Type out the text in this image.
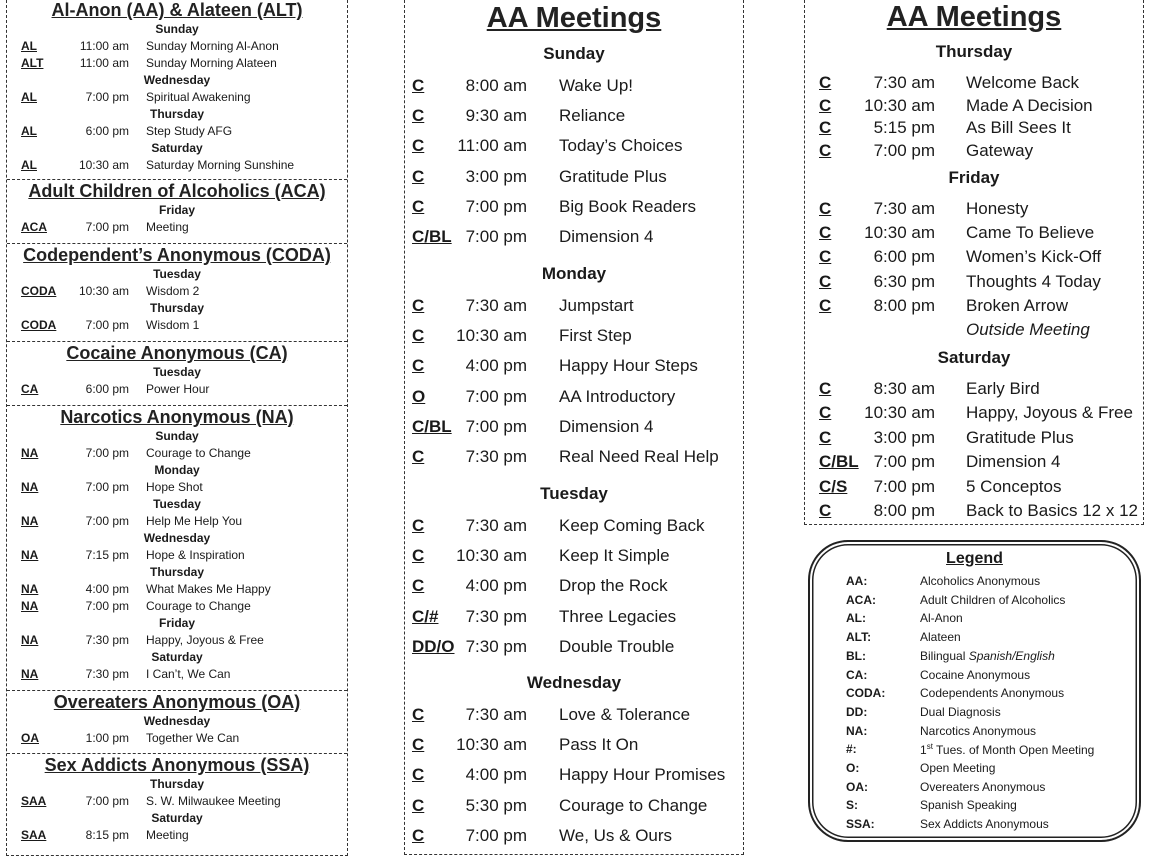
Al-Anon (AA) & Alateen (ALT)
Sunday
AL	11:00 am Sunday Morning Al-Anon
ALT	11:00 am Sunday Morning Alateen
Wednesday
AL	7:00 pm Spiritual Awakening
Thursday
AL	6:00 pm Step Study AFG
Saturday
AL	10:30 am Saturday Morning Sunshine
Adult Children of Alcoholics (ACA)
Friday
ACA	7:00 pm Meeting
Codependent’s Anonymous (CODA)
Tuesday
CODA	10:30 am Wisdom 2
Thursday
CODA	7:00 pm Wisdom 1
Cocaine Anonymous (CA)
Tuesday
CA	6:00 pm Power Hour
Narcotics Anonymous (NA)
Sunday
NA	7:00 pm Courage to Change
Monday
NA	7:00 pm Hope Shot
Tuesday
NA	7:00 pm Help Me Help You
Wednesday
NA	7:15 pm Hope & Inspiration
Thursday
NA	4:00 pm What Makes Me Happy
NA	7:00 pm Courage to Change
Friday
NA	7:30 pm Happy, Joyous & Free
Saturday
NA	7:30 pm I Can’t, We Can
Overeaters Anonymous (OA)
Wednesday
OA	1:00 pm Together We Can
Sex Addicts Anonymous (SSA)
Thursday
SAA	7:00 pm S. W. Milwaukee Meeting
Saturday
SAA	8:15 pm Meeting
AA Meetings
Sunday
C	8:00 am Wake Up!
C	9:30 am Reliance
C 11:00 am Today’s Choices
C	3:00 pm Gratitude Plus
C	7:00 pm Big Book Readers
C/BL 7:00 pm Dimension 4
Monday
C	7:30 am Jumpstart
C 10:30 am First Step
C	4:00 pm Happy Hour Steps
O	7:00 pm AA Introductory
C/BL 7:00 pm Dimension 4
C	7:30 pm Real Need Real Help
Tuesday
C	7:30 am Keep Coming Back
C 10:30 am Keep It Simple
C	4:00 pm Drop the Rock
C/#	7:30 pm Three Legacies
DD/O 7:30 pm Double Trouble
Wednesday
C	7:30 am Love & Tolerance
C 10:30 am Pass It On
C	4:00 pm Happy Hour Promises
C	5:30 pm Courage to Change
C	7:00 pm We, Us & Ours
AA Meetings
Thursday
C	7:30 am Welcome Back
C 10:30 am Made A Decision
C	5:15 pm As Bill Sees It
C	7:00 pm Gateway
Friday
C	7:30 am Honesty
C 10:30 am Came To Believe
C	6:00 pm Women’s Kick-Off
C	6:30 pm Thoughts 4 Today
C	8:00 pm Broken Arrow
Outside Meeting
Saturday
C	8:30 am Early Bird
C 10:30 am Happy, Joyous & Free
C	3:00 pm Gratitude Plus
C/BL 7:00 pm Dimension 4
C/S	7:00 pm 5 Conceptos
C	8:00 pm Back to Basics 12 x 12
Legend
AA:	Alcoholics Anonymous
ACA:	Adult Children of Alcoholics
AL:	Al-Anon
ALT:	Alateen
BL:	Bilingual Spanish/English
CA:	Cocaine Anonymous
CODA:	Codependents Anonymous
DD:	Dual Diagnosis
NA:	Narcotics Anonymous
#:	1st Tues. of Month Open Meeting
O:	Open Meeting
OA:	Overeaters Anonymous
S:	Spanish Speaking
SSA:	Sex Addicts Anonymous
